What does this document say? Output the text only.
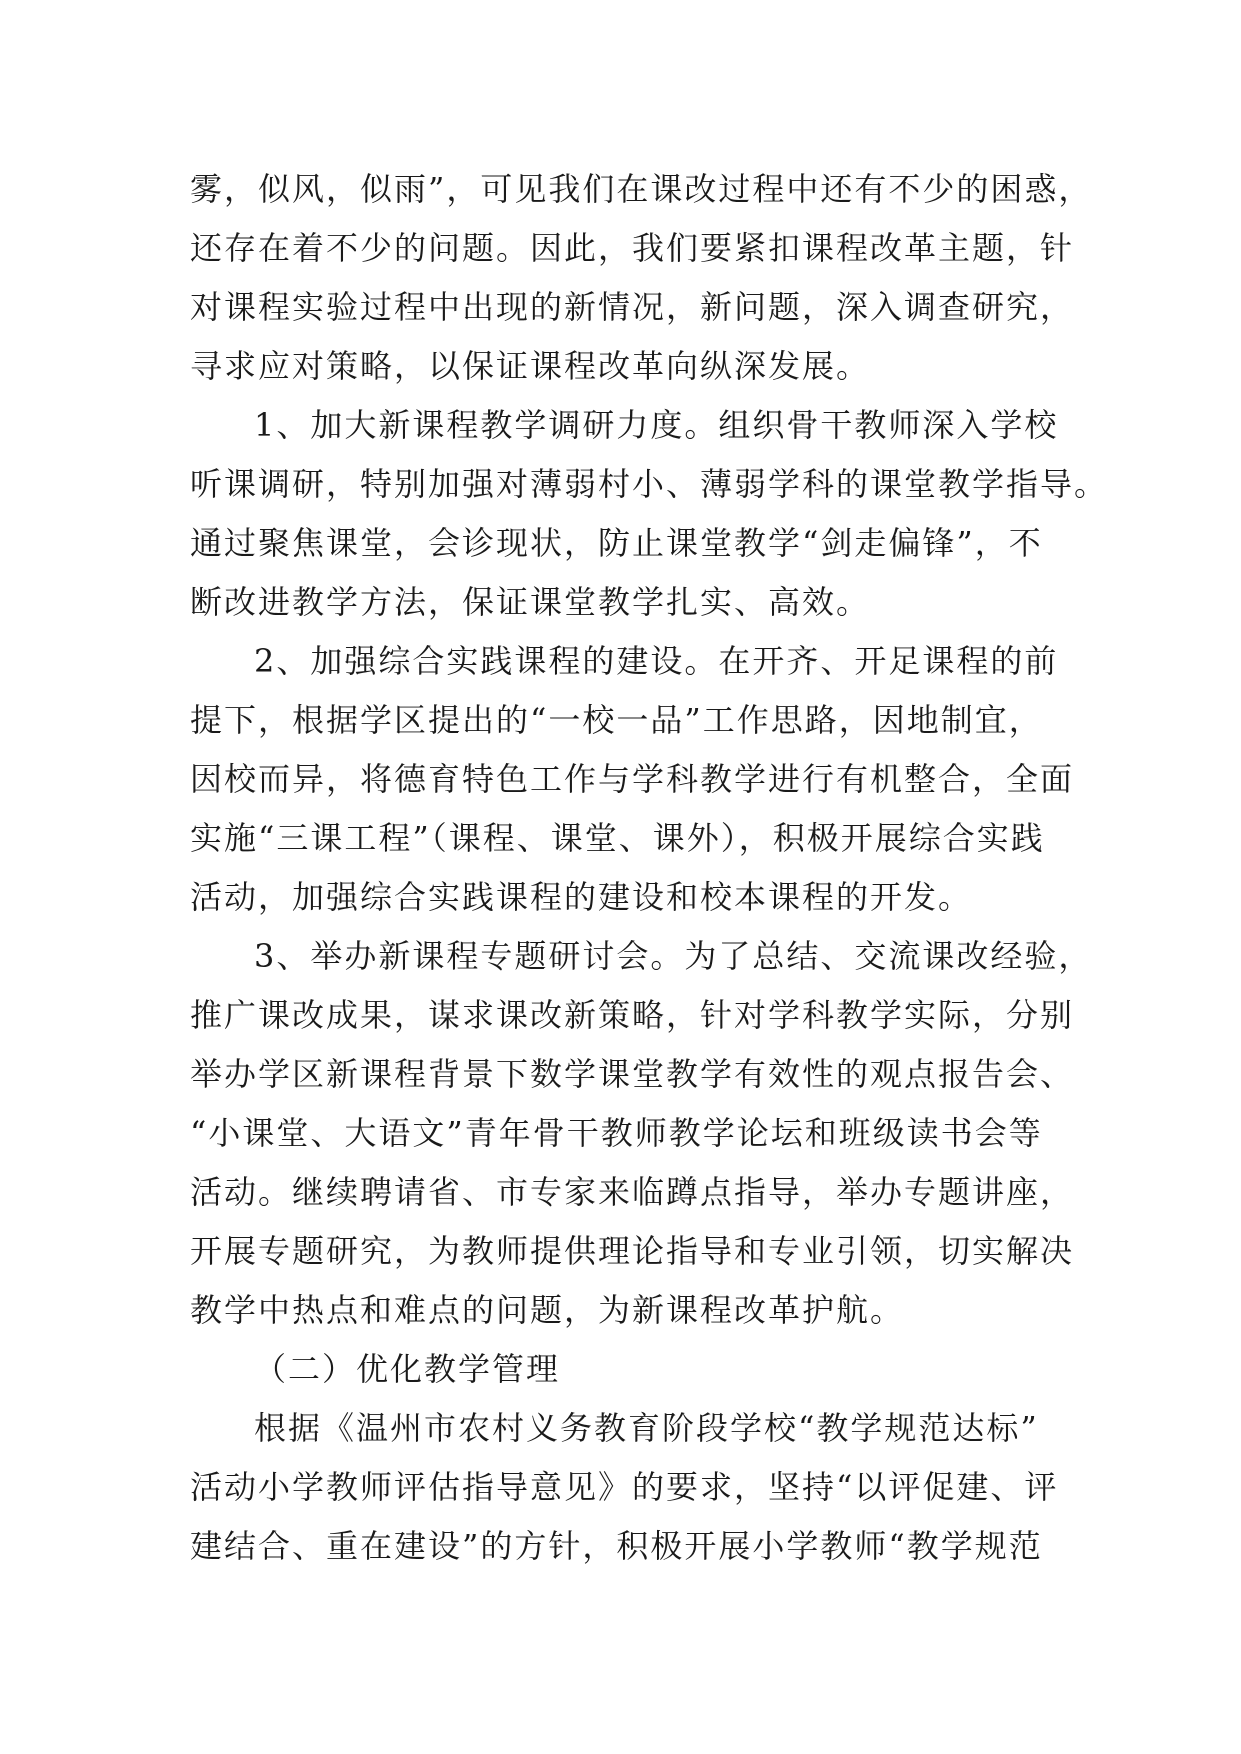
雾，似风，似雨”，可见我们在课改过程中还有不少的困惑，
还存在着不少的问题。因此，我们要紧扣课程改革主题，针
对课程实验过程中出现的新情况，新问题，深入调查研究，
寻求应对策略，以保证课程改革向纵深发展。

1、加大新课程教学调研力度。组织骨干教师深入学校
听课调研，特别加强对薄弱村小、薄弱学科的课堂教学指导。
通过聚焦课堂，会诊现状，防止课堂教学“剑走偏锋”，不
断改进教学方法，保证课堂教学扎实、高效。

2、加强综合实践课程的建设。在开齐、开足课程的前
提下，根据学区提出的“一校一品”工作思路，因地制宜，
因校而异，将德育特色工作与学科教学进行有机整合，全面
实施“三课工程”（课程、课堂、课外），积极开展综合实践
活动，加强综合实践课程的建设和校本课程的开发。

3、举办新课程专题研讨会。为了总结、交流课改经验，
推广课改成果，谋求课改新策略，针对学科教学实际，分别
举办学区新课程背景下数学课堂教学有效性的观点报告会、
“小课堂、大语文”青年骨干教师教学论坛和班级读书会等
活动。继续聘请省、市专家来临蹲点指导，举办专题讲座，
开展专题研究，为教师提供理论指导和专业引领，切实解决
教学中热点和难点的问题，为新课程改革护航。

（二）优化教学管理

根据《温州市农村义务教育阶段学校“教学规范达标”
活动小学教师评估指导意见》的要求，坚持“以评促建、评
建结合、重在建设”的方针，积极开展小学教师“教学规范
